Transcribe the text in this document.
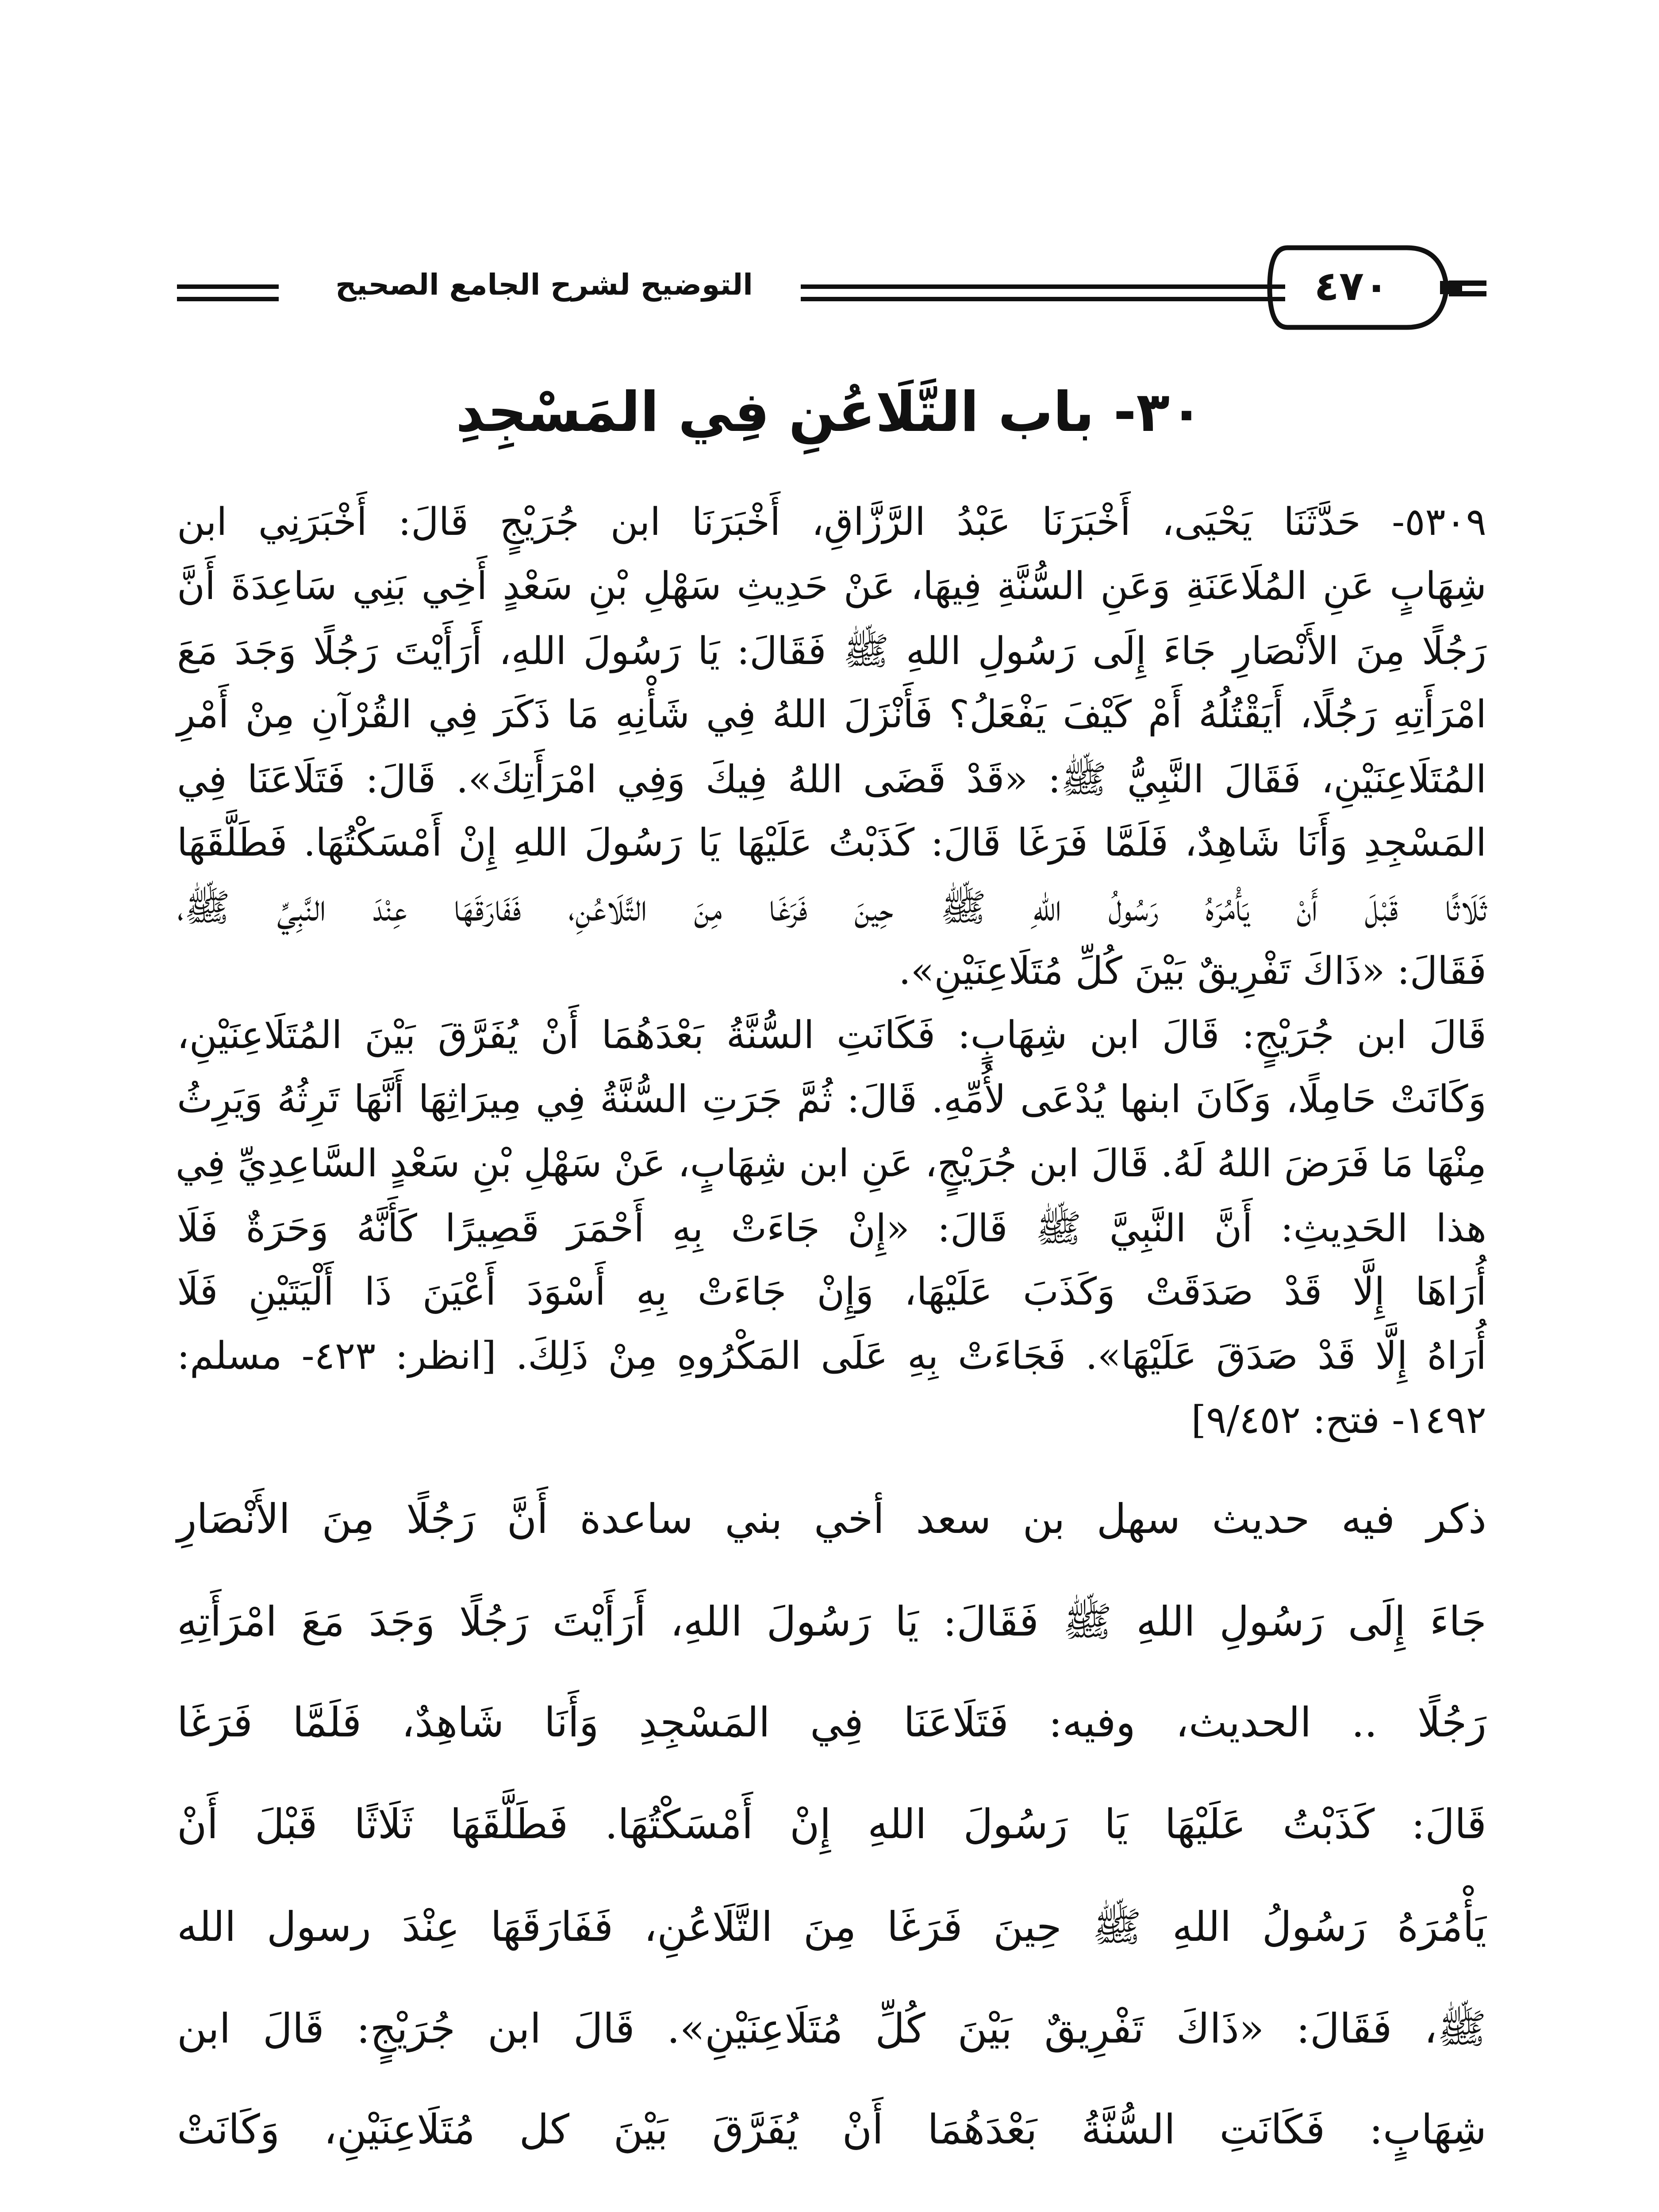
٤٧٠
التوضيح لشرح الجامع الصحيح
٣٠- باب التَّلَاعُنِ فِي المَسْجِدِ
٥٣٠٩- حَدَّثَنَا يَحْيَى، أَخْبَرَنَا عَبْدُ الرَّزَّاقِ، أَخْبَرَنَا ابن جُرَيْجٍ قَالَ: أَخْبَرَنِي ابن
شِهَابٍ عَنِ المُلَاعَنَةِ وَعَنِ السُّنَّةِ فِيهَا، عَنْ حَدِيثِ سَهْلِ بْنِ سَعْدٍ أَخِي بَنِي سَاعِدَةَ أَنَّ
رَجُلًا مِنَ الأَنْصَارِ جَاءَ إِلَى رَسُولِ اللهِ ﷺ فَقَالَ: يَا رَسُولَ اللهِ، أَرَأَيْتَ رَجُلًا وَجَدَ مَعَ
امْرَأَتِهِ رَجُلًا، أَيَقْتُلُهُ أَمْ كَيْفَ يَفْعَلُ؟ فَأَنْزَلَ اللهُ فِي شَأْنِهِ مَا ذَكَرَ فِي القُرْآنِ مِنْ أَمْرِ
المُتَلَاعِنَيْنِ، فَقَالَ النَّبِيُّ ﷺ: «قَدْ قَضَى اللهُ فِيكَ وَفِي امْرَأَتِكَ». قَالَ: فَتَلَاعَنَا فِي
المَسْجِدِ وَأَنَا شَاهِدٌ، فَلَمَّا فَرَغَا قَالَ: كَذَبْتُ عَلَيْهَا يَا رَسُولَ اللهِ إِنْ أَمْسَكْتُهَا. فَطَلَّقَهَا
ثَلَاثًا قَبْلَ أَنْ يَأْمُرَهُ رَسُولُ اللهِ ﷺ حِينَ فَرَغَا مِنَ التَّلَاعُنِ، فَفَارَقَهَا عِنْدَ النَّبِيِّ ﷺ،
فَقَالَ: «ذَاكَ تَفْرِيقٌ بَيْنَ كُلِّ مُتَلَاعِنَيْنِ».
قَالَ ابن جُرَيْجٍ: قَالَ ابن شِهَابٍ: فَكَانَتِ السُّنَّةُ بَعْدَهُمَا أَنْ يُفَرَّقَ بَيْنَ المُتَلَاعِنَيْنِ،
وَكَانَتْ حَامِلًا، وَكَانَ ابنها يُدْعَى لأُمِّهِ. قَالَ: ثُمَّ جَرَتِ السُّنَّةُ فِي مِيرَاثِهَا أَنَّهَا تَرِثُهُ وَيَرِثُ
مِنْهَا مَا فَرَضَ اللهُ لَهُ. قَالَ ابن جُرَيْجٍ، عَنِ ابن شِهَابٍ، عَنْ سَهْلِ بْنِ سَعْدٍ السَّاعِدِيِّ فِي
هذا الحَدِيثِ: أَنَّ النَّبِيَّ ﷺ قَالَ: «إِنْ جَاءَتْ بِهِ أَحْمَرَ قَصِيرًا كَأَنَّهُ وَحَرَةٌ فَلَا
أُرَاهَا إِلَّا قَدْ صَدَقَتْ وَكَذَبَ عَلَيْهَا، وَإِنْ جَاءَتْ بِهِ أَسْوَدَ أَعْيَنَ ذَا أَلْيَتَيْنِ فَلَا
أُرَاهُ إِلَّا قَدْ صَدَقَ عَلَيْهَا». فَجَاءَتْ بِهِ عَلَى المَكْرُوهِ مِنْ ذَلِكَ. [انظر: ٤٢٣- مسلم:
١٤٩٢- فتح: ٩/٤٥٢]
ذكر فيه حديث سهل بن سعد أخي بني ساعدة أَنَّ رَجُلًا مِنَ الأَنْصَارِ
جَاءَ إِلَى رَسُولِ اللهِ ﷺ فَقَالَ: يَا رَسُولَ اللهِ، أَرَأَيْتَ رَجُلًا وَجَدَ مَعَ امْرَأَتِهِ
رَجُلًا .. الحديث، وفيه: فَتَلَاعَنَا فِي المَسْجِدِ وَأَنَا شَاهِدٌ، فَلَمَّا فَرَغَا
قَالَ: كَذَبْتُ عَلَيْهَا يَا رَسُولَ اللهِ إِنْ أَمْسَكْتُهَا. فَطَلَّقَهَا ثَلَاثًا قَبْلَ أَنْ
يَأْمُرَهُ رَسُولُ اللهِ ﷺ حِينَ فَرَغَا مِنَ التَّلَاعُنِ، فَفَارَقَهَا عِنْدَ رسول الله
ﷺ، فَقَالَ: «ذَاكَ تَفْرِيقٌ بَيْنَ كُلِّ مُتَلَاعِنَيْنِ». قَالَ ابن جُرَيْجٍ: قَالَ ابن
شِهَابٍ: فَكَانَتِ السُّنَّةُ بَعْدَهُمَا أَنْ يُفَرَّقَ بَيْنَ كل مُتَلَاعِنَيْنِ، وَكَانَتْ
